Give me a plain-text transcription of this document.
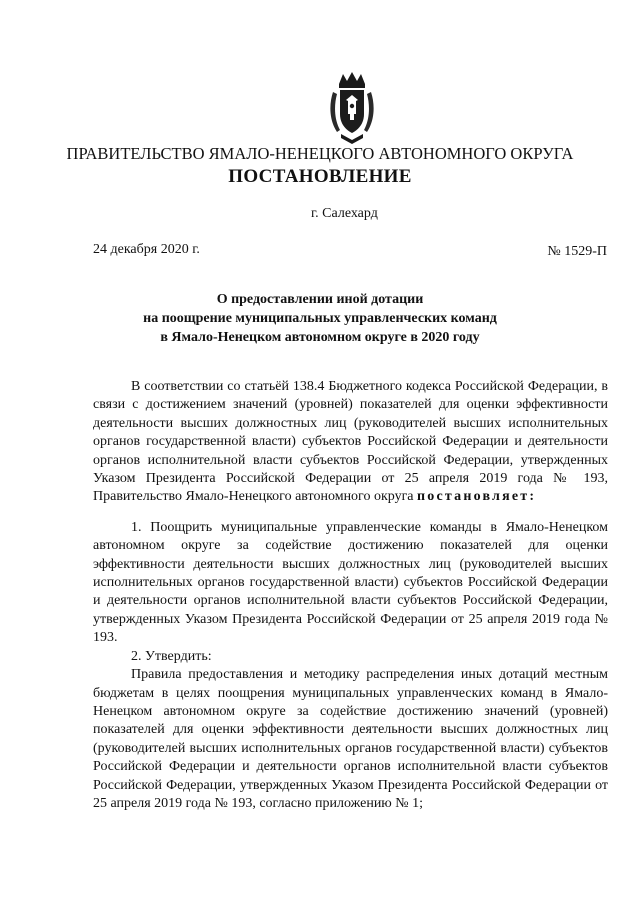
ПРАВИТЕЛЬСТВО ЯМАЛО-НЕНЕЦКОГО АВТОНОМНОГО ОКРУГА
ПОСТАНОВЛЕНИЕ
г. Салехард
24 декабря 2020 г.	№ 1529-П
О предоставлении иной дотации
на поощрение муниципальных управленческих команд
в Ямало-Ненецком автономном округе в 2020 году

В соответствии со статьёй 138.4 Бюджетного кодекса Российской Федерации, в связи с достижением значений (уровней) показателей для оценки эффективности деятельности высших должностных лиц (руководителей высших исполнительных органов государственной власти) субъектов Российской Федерации и деятельности органов исполнительной власти субъектов Российской Федерации, утвержденных Указом Президента Российской Федерации от 25 апреля 2019 года № 193, Правительство Ямало-Ненецкого автономного округа постановляет:

1. Поощрить муниципальные управленческие команды в Ямало-Ненецком автономном округе за содействие достижению показателей для оценки эффективности деятельности высших должностных лиц (руководителей высших исполнительных органов государственной власти) субъектов Российской Федерации и деятельности органов исполнительной власти субъектов Российской Федерации, утвержденных Указом Президента Российской Федерации от 25 апреля 2019 года № 193.

2. Утвердить:

Правила предоставления и методику распределения иных дотаций местным бюджетам в целях поощрения муниципальных управленческих команд в Ямало-Ненецком автономном округе за содействие достижению значений (уровней) показателей для оценки эффективности деятельности высших должностных лиц (руководителей высших исполнительных органов государственной власти) субъектов Российской Федерации и деятельности органов исполнительной власти субъектов Российской Федерации, утвержденных Указом Президента Российской Федерации от 25 апреля 2019 года № 193, согласно приложению № 1;
